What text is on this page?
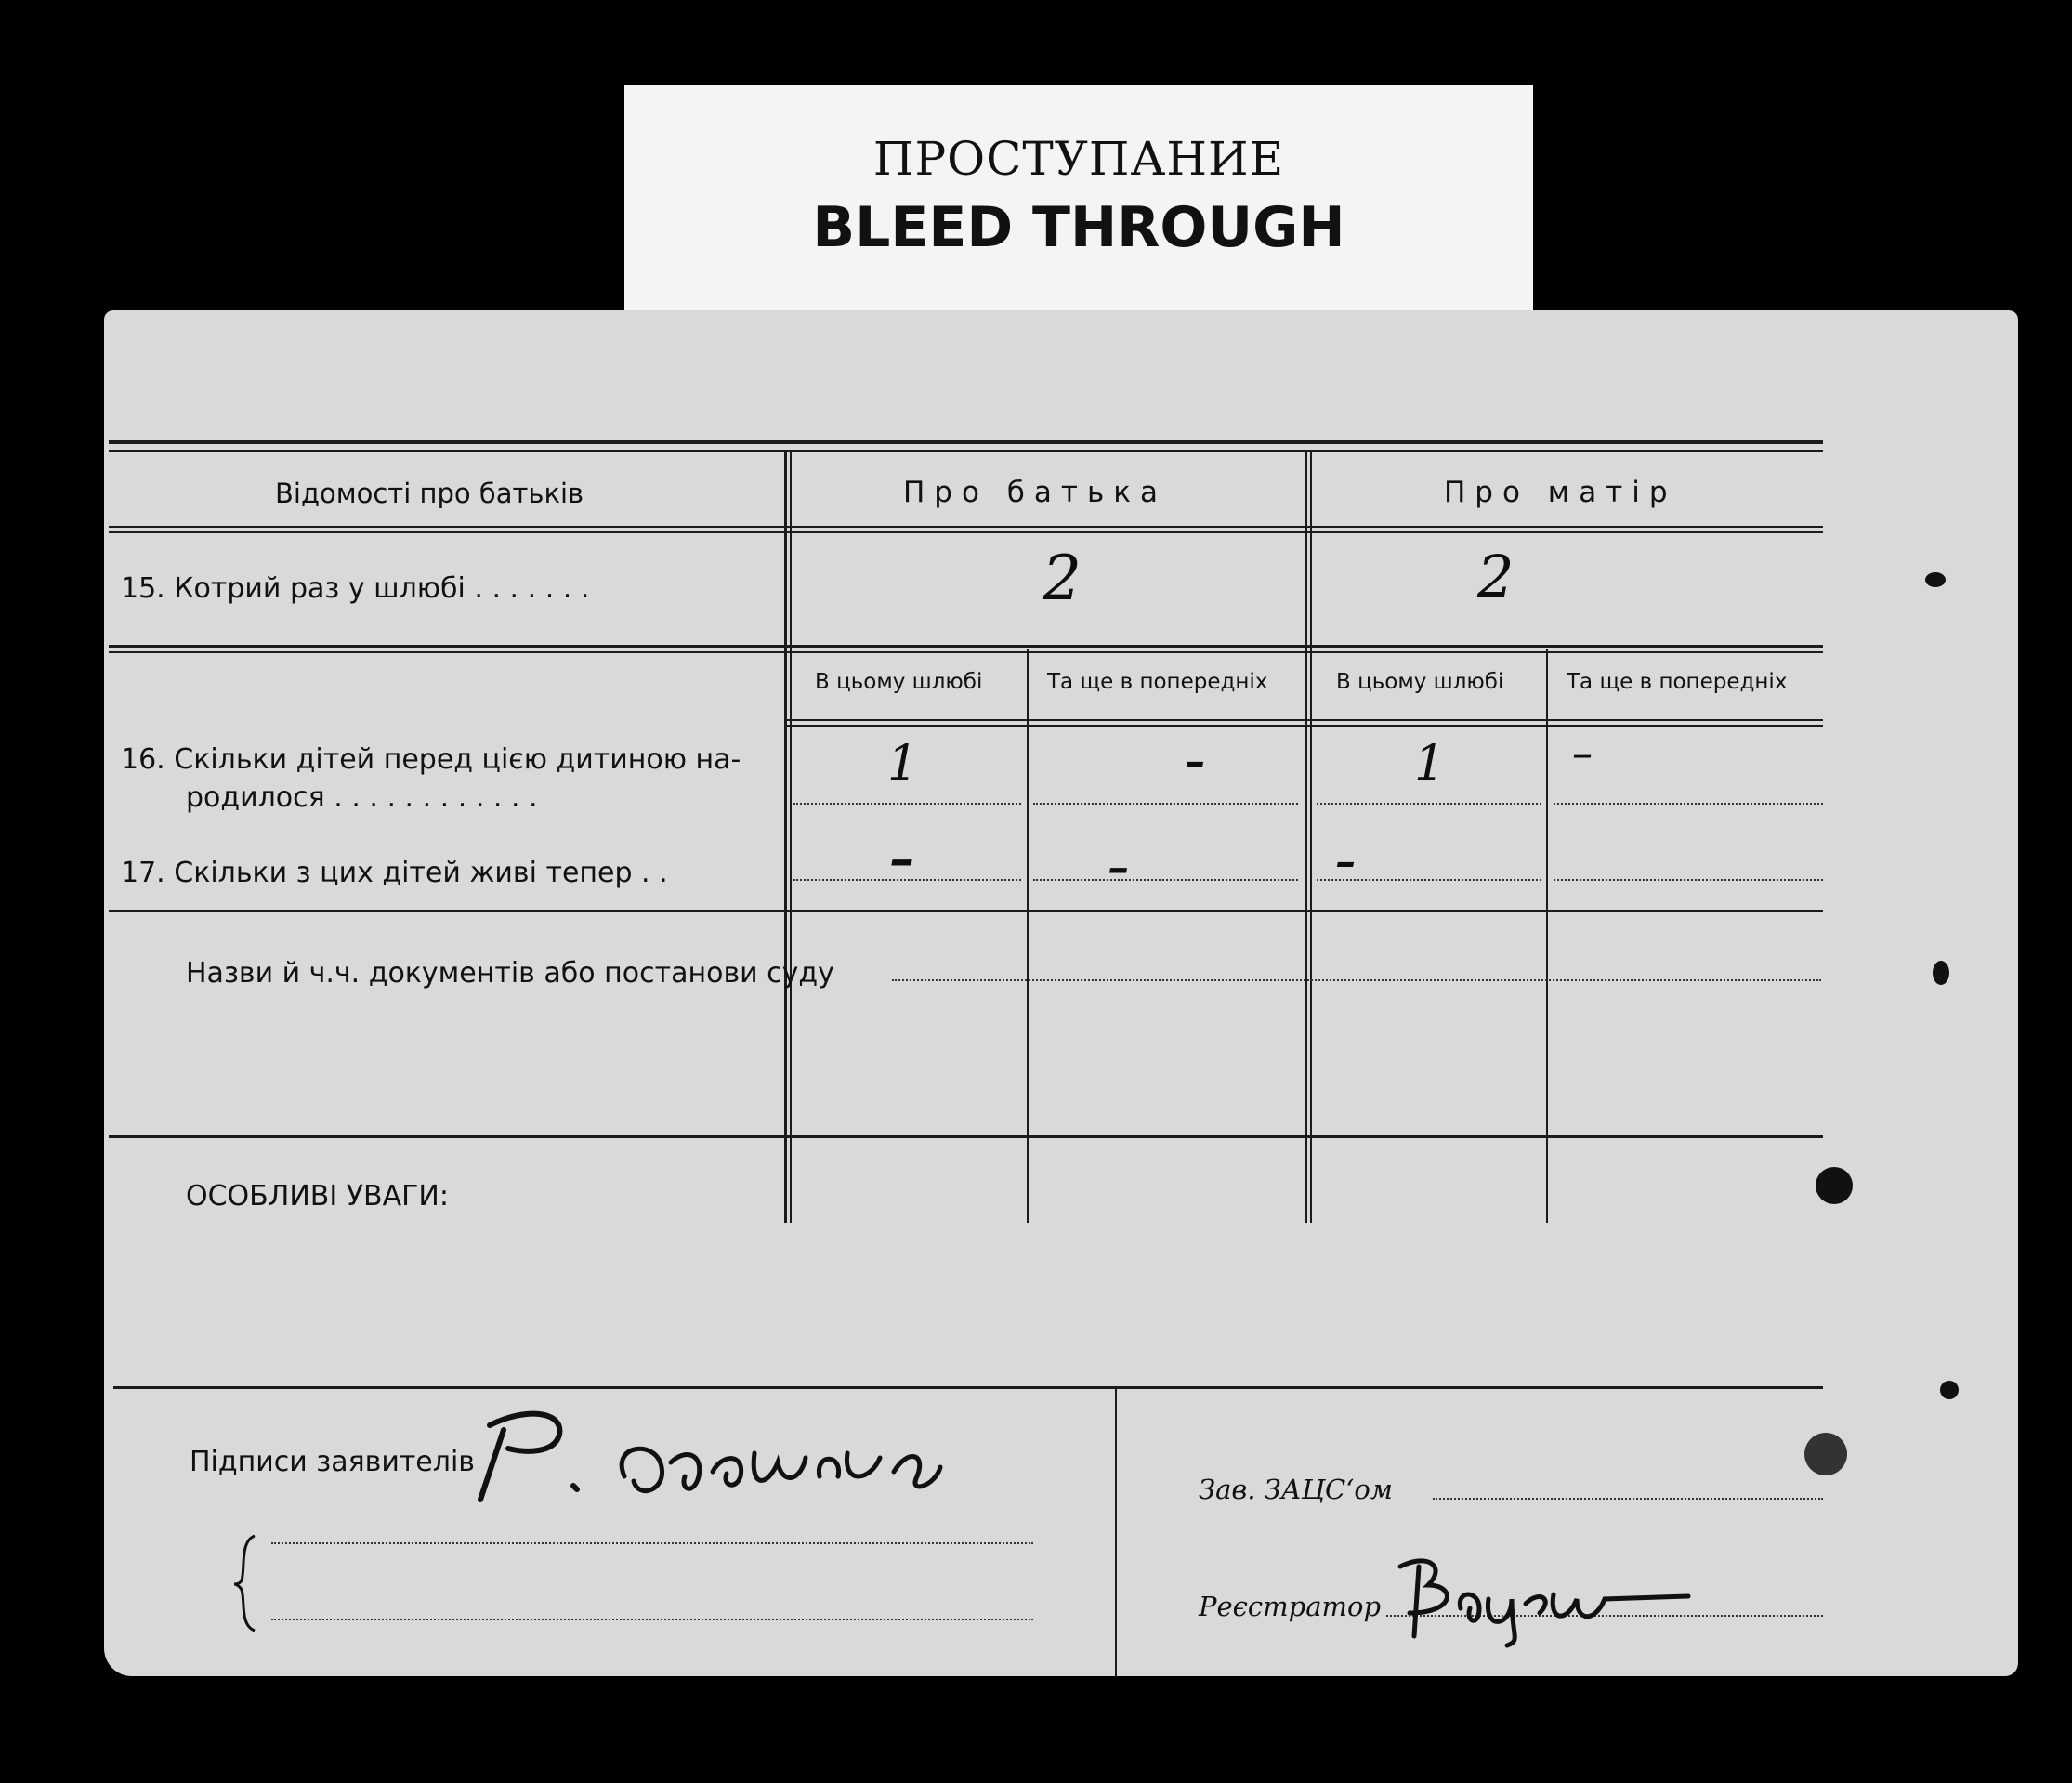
ПРОСТУПАНИЕ
BLEED THROUGH
Відомості про батьків	Про батька	Про матір
15. Котрий раз у шлюбі . . . . . . .	2	2
В цьому шлюбі	Та ще в попередніх	В цьому шлюбі	Та ще в попередніх
16. Скільки дітей перед цією дитиною на-
родилося . . . . . . . . . . . .
1	–	1	–
17. Скільки з цих дітей живі тепер . .	–	–	–
Назви й ч.ч. документів або постанови суду
ОСОБЛИВІ УВАГИ:
Підписи заявителів
Зав. ЗАЦС‘ом
Реєстратор
